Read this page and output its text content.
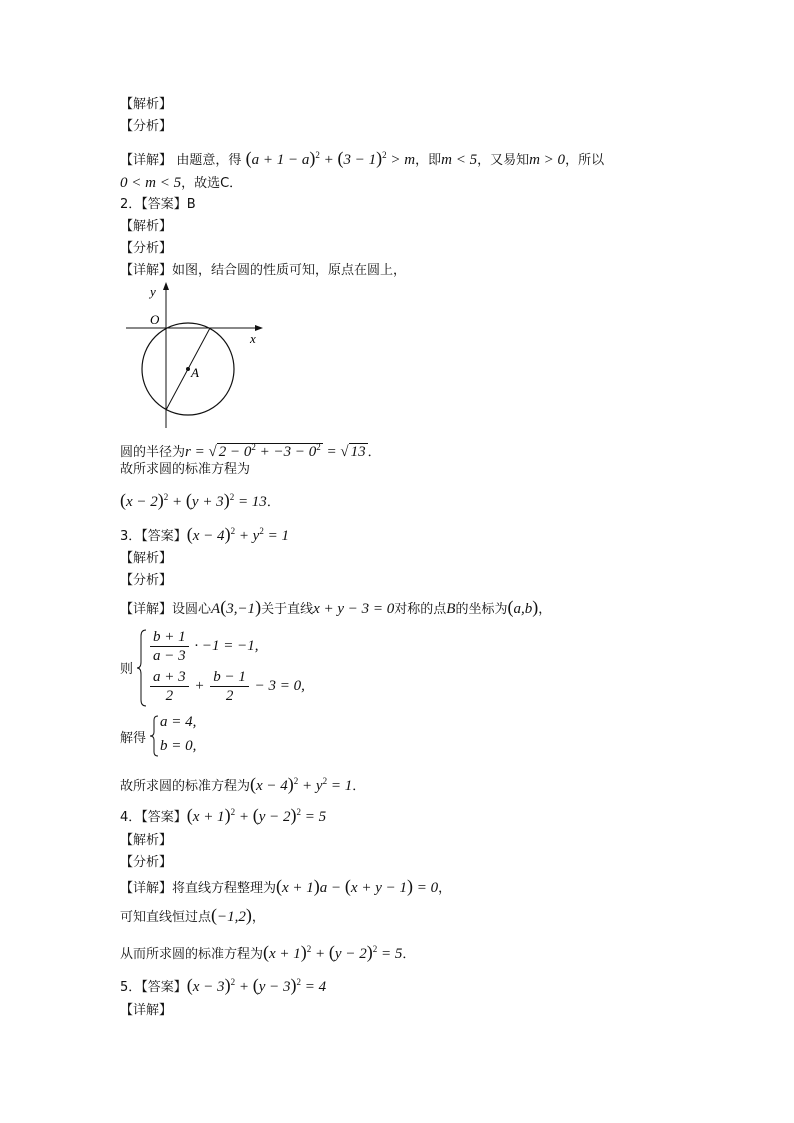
【解析】
【分析】
【详解】 由题意，得 $(a + 1 - a)^2 + (3 - 1)^2 > m$，即m < 5，又易知m > 0，所以
0 < m < 5，故选C．
2．【答案】B
【解析】
【分析】
【详解】如图，结合圆的性质可知，原点在圆上，
y
O
x
A
圆的半径为r = √ $2 - 0^2 + -3 - 0^2$ = √ 13 ．
故所求圆的标准方程为
$(x - 2)^2 + (y + 3)^2 = 13$．
3．【答案】$(x - 4)^2 + y^2 = 1$
【解析】
【分析】
【详解】设圆心A(3,−1)关于直线x + y − 3 = 0对称的点B的坐标为(a,b)，
则
$\frac{b + 1}{a - 3} \cdot -1 = -1$,
$\frac{a + 3}{2} + \frac{b - 1}{2} - 3 = 0$,
解得
a = 4,
b = 0,
故所求圆的标准方程为$(x - 4)^2 + y^2 = 1$．
4．【答案】$(x + 1)^2 + (y - 2)^2 = 5$
【解析】
【分析】
【详解】将直线方程整理为(x + 1)a − (x + y − 1) = 0，
可知直线恒过点(−1,2)，
从而所求圆的标准方程为$(x + 1)^2 + (y - 2)^2 = 5$．
5．【答案】$(x - 3)^2 + (y - 3)^2 = 4$
【详解】
